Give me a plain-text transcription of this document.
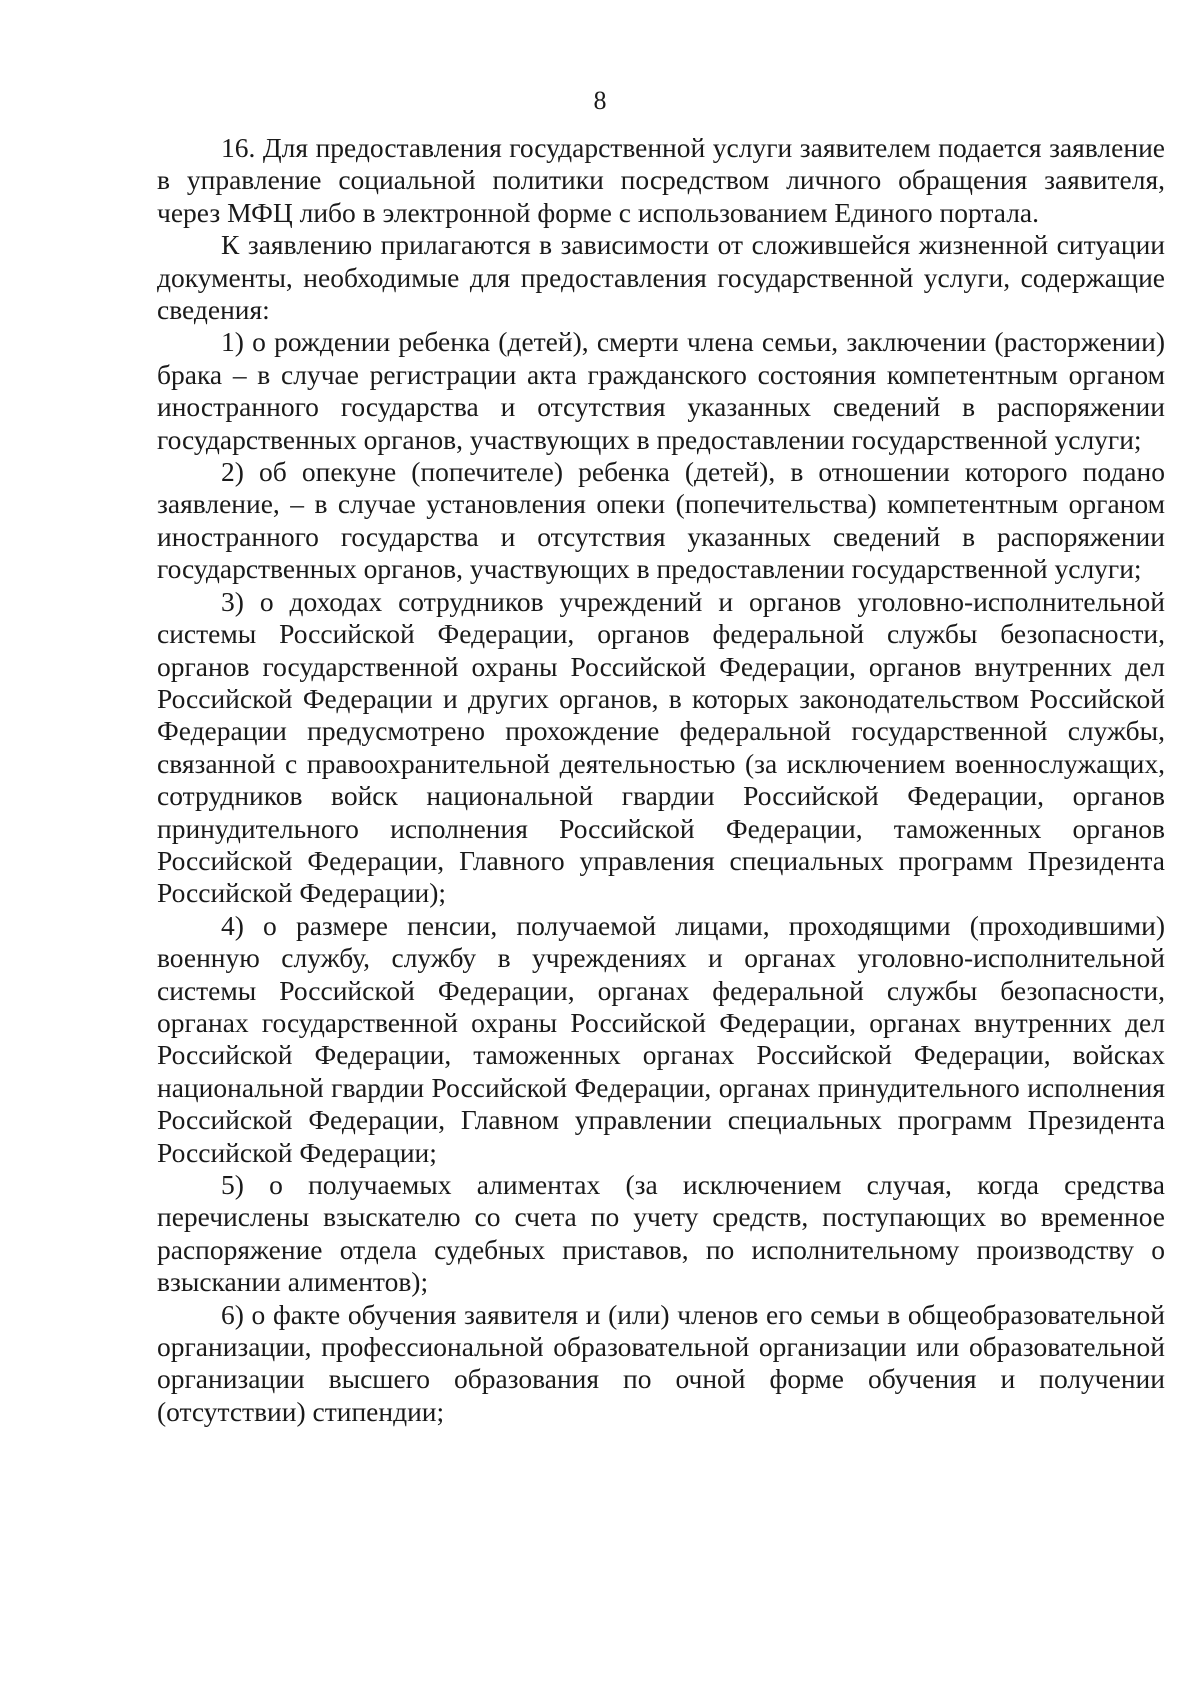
8

16. Для предоставления государственной услуги заявителем подается заявление в управление социальной политики посредством личного обращения заявителя, через МФЦ либо в электронной форме с использованием Единого портала.

К заявлению прилагаются в зависимости от сложившейся жизненной ситуации документы, необходимые для предоставления государственной услуги, содержащие сведения:

1) о рождении ребенка (детей), смерти члена семьи, заключении (расторжении) брака – в случае регистрации акта гражданского состояния компетентным органом иностранного государства и отсутствия указанных сведений в распоряжении государственных органов, участвующих в предоставлении государственной услуги;

2) об опекуне (попечителе) ребенка (детей), в отношении которого подано заявление, – в случае установления опеки (попечительства) компетентным органом иностранного государства и отсутствия указанных сведений в распоряжении государственных органов, участвующих в предоставлении государственной услуги;

3) о доходах сотрудников учреждений и органов уголовно-исполнительной системы Российской Федерации, органов федеральной службы безопасности, органов государственной охраны Российской Федерации, органов внутренних дел Российской Федерации и других органов, в которых законодательством Российской Федерации предусмотрено прохождение федеральной государственной службы, связанной с правоохранительной деятельностью (за исключением военнослужащих, сотрудников войск национальной гвардии Российской Федерации, органов принудительного исполнения Российской Федерации, таможенных органов Российской Федерации, Главного управления специальных программ Президента Российской Федерации);

4) о размере пенсии, получаемой лицами, проходящими (проходившими) военную службу, службу в учреждениях и органах уголовно-исполнительной системы Российской Федерации, органах федеральной службы безопасности, органах государственной охраны Российской Федерации, органах внутренних дел Российской Федерации, таможенных органах Российской Федерации, войсках национальной гвардии Российской Федерации, органах принудительного исполнения Российской Федерации, Главном управлении специальных программ Президента Российской Федерации;

5) о получаемых алиментах (за исключением случая, когда средства перечислены взыскателю со счета по учету средств, поступающих во временное распоряжение отдела судебных приставов, по исполнительному производству о взыскании алиментов);

6) о факте обучения заявителя и (или) членов его семьи в общеобразовательной организации, профессиональной образовательной организации или образовательной организации высшего образования по очной форме обучения и получении (отсутствии) стипендии;
